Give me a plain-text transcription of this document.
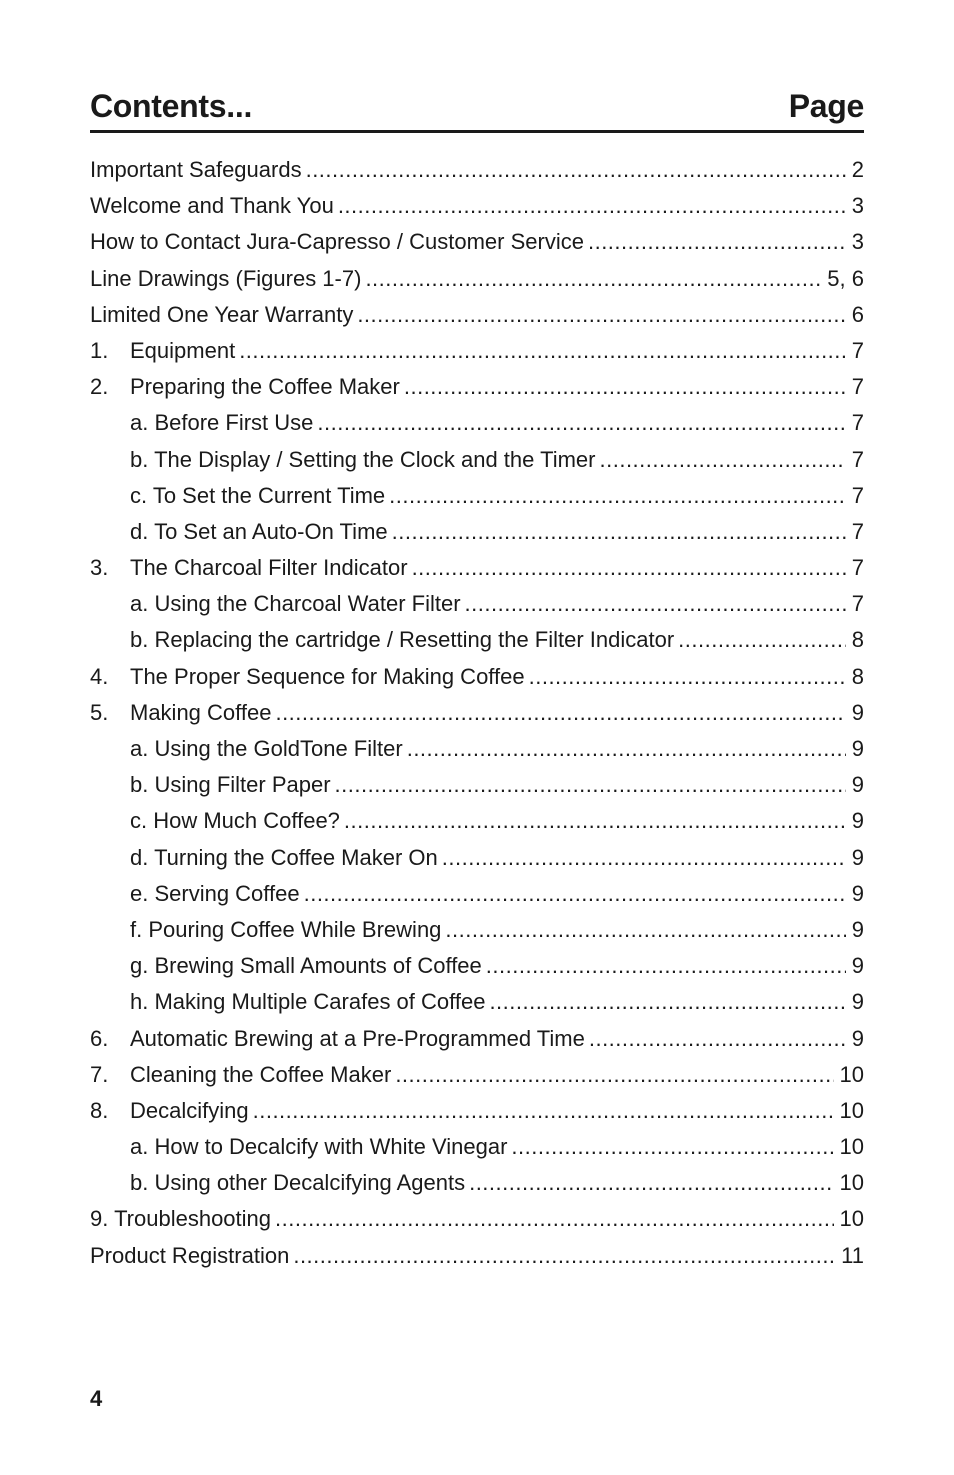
Contents...	Page
Important Safeguards .....	2
Welcome and Thank You .....	3
How to Contact Jura-Capresso / Customer Service .....	3
Line Drawings (Figures 1-7) .....	5, 6
Limited One Year Warranty .....	6
1. Equipment .....	7
2. Preparing the Coffee Maker .....	7
a. Before First Use .....	7
b. The Display / Setting the Clock and the Timer .....	7
c. To Set the Current Time .....	7
d. To Set an Auto-On Time .....	7
3. The Charcoal Filter Indicator .....	7
a. Using the Charcoal Water Filter .....	7
b. Replacing the cartridge / Resetting the Filter Indicator .....	8
4. The Proper Sequence for Making Coffee .....	8
5. Making Coffee .....	9
a. Using the GoldTone Filter .....	9
b. Using Filter Paper .....	9
c. How Much Coffee? .....	9
d. Turning the Coffee Maker On .....	9
e. Serving Coffee .....	9
f. Pouring Coffee While Brewing .....	9
g. Brewing Small Amounts of Coffee .....	9
h. Making Multiple Carafes of Coffee .....	9
6. Automatic Brewing at a Pre-Programmed Time .....	9
7. Cleaning the Coffee Maker .....	10
8. Decalcifying .....	10
a. How to Decalcify with White Vinegar .....	10
b. Using other Decalcifying Agents .....	10
9. Troubleshooting .....	10
Product Registration .....	11
4
